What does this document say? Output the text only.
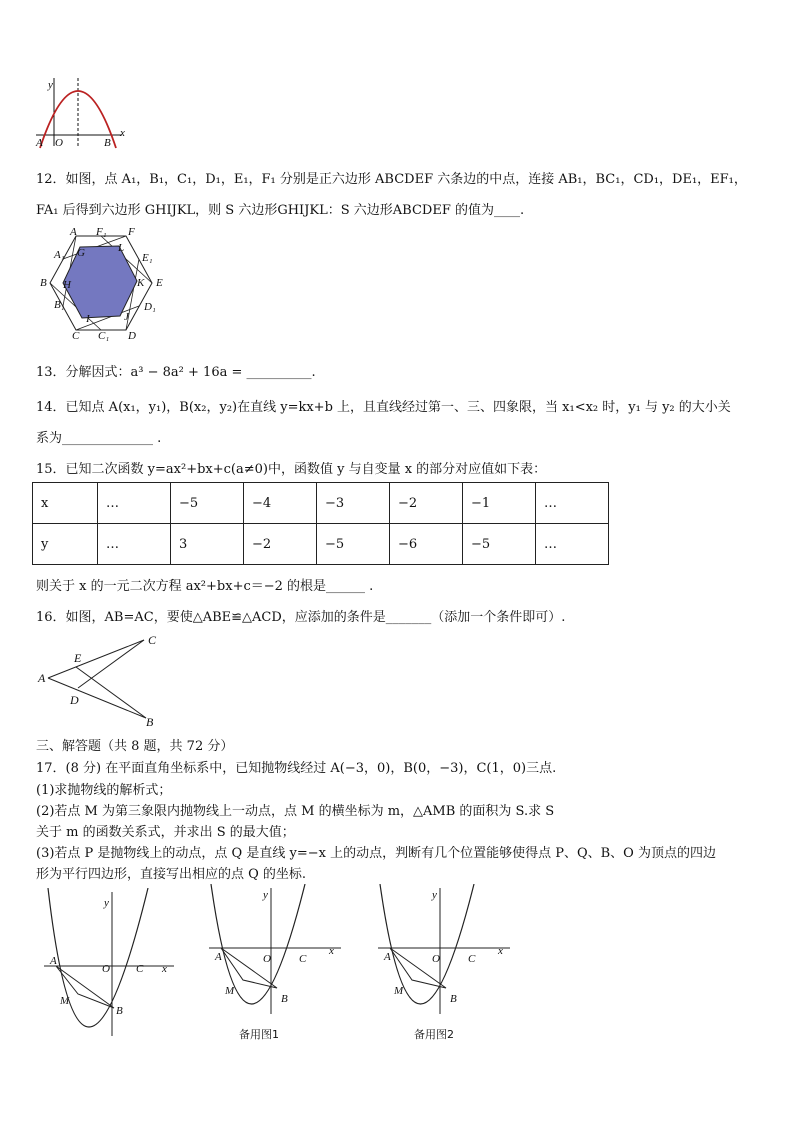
y
x
A O	B
12．如图，点 A₁，B₁，C₁，D₁，E₁，F₁ 分别是正六边形 ABCDEF 六条边的中点，连接 AB₁，BC₁，CD₁，DE₁，EF₁，
FA₁ 后得到六边形 GHIJKL，则 S 六边形GHIJKL：S 六边形ABCDEF 的值为____.
A F₁ F
A₁ G	L
E₁
B H	K E
B₁	D₁
I	J
C C₁ D
13．分解因式：a³ − 8a² + 16a = __________.
14．已知点 A(x₁，y₁)，B(x₂，y₂)在直线 y=kx+b 上，且直线经过第一、三、四象限，当 x₁<x₂ 时，y₁ 与 y₂ 的大小关
系为______________ .
15．已知二次函数 y=ax²+bx+c(a≠0)中，函数值 y 与自变量 x 的部分对应值如下表：
x	…	−5	−4	−3	−2	−1	…
y	…	3	−2	−5	−6	−5	…
则关于 x 的一元二次方程 ax²+bx+c＝−2 的根是______ .
16．如图，AB=AC，要使△ABE≌△ACD，应添加的条件是_______（添加一个条件即可）.
A
C
B
E
D
三、解答题（共 8 题，共 72 分）
17．(8 分) 在平面直角坐标系中，已知抛物线经过 A(−3，0)，B(0，−3)，C(1，0)三点.
(1)求抛物线的解析式；
(2)若点 M 为第三象限内抛物线上一动点，点 M 的横坐标为 m，△AMB 的面积为 S.求 S
关于 m 的函数关系式，并求出 S 的最大值；
(3)若点 P 是抛物线上的动点，点 Q 是直线 y=−x 上的动点，判断有几个位置能够使得点 P、Q、B、O 为顶点的四边
形为平行四边形，直接写出相应的点 Q 的坐标.
y
x
A
O C
M
B
y
x
A	O	C
M
B
备用图1
y
x
A	O	C
M
B
备用图2
